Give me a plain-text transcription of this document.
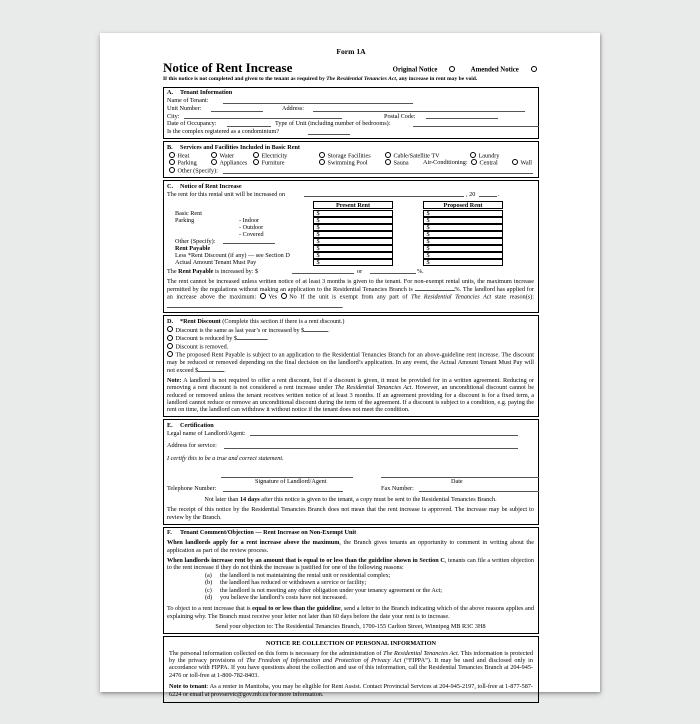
Form 1A
Notice of Rent Increase	Original Notice	Amended Notice
If this notice is not completed and given to the tenant as required by The Residential Tenancies Act, any increase in rent may be void.
A. Tenant Information
Name of Tenant:
Unit Number:	Address:
City:	Postal Code:
Date of Occupancy:	Type of Unit (including number of bedrooms):
Is the complex registered as a condominium?
B. Services and Facilities Included in Basic Rent
Heat	Water	Electricity	Storage Facilities	Cable/Satellite TV	Laundry
Parking	Appliances	Furniture	Swimming Pool	Sauna Air-Conditioning:	Central	Wall
Other (Specify):
C. Notice of Rent Increase
The rent for this rental unit will be increased on	, 20	.
Present Rent	Proposed Rent
Basic Rent	$	$
Parking	- Indoor	$	$
- Outdoor	$	$
- Covered	$	$
Other (Specify):	$	$
Rent Payable	$	$
Less *Rent Discount (if any) — see Section D	$	$
Actual Amount Tenant Must Pay	$	$
The Rent Payable is increased by: $	or	%.
The rent cannot be increased unless written notice of at least 3 months is given to the tenant. For non-exempt rental units, the maximum increase permitted by the regulations without making an application to the Residential Tenancies Branch is	%. The landlord has applied for an increase above the maximum: Yes No If the unit is exempt from any part of The Residential Tenancies Act state reason(s): .
D. *Rent Discount (Complete this section if there is a rent discount.)
Discount is the same as last year’s or increased by $	.
Discount is reduced by $	.
Discount is removed.
The proposed Rent Payable is subject to an application to the Residential Tenancies Branch for an above-guideline rent increase. The discount may be reduced or removed depending on the final decision on the landlord’s application. In any event, the Actual Amount Tenant Must Pay will not exceed $	.
Note: A landlord is not required to offer a rent discount, but if a discount is given, it must be provided for in a written agreement. Reducing or removing a rent discount is not considered a rent increase under The Residential Tenancies Act. However, an unconditional discount cannot be reduced or removed unless the tenant receives written notice of at least 3 months. If an agreement providing for a discount is for a fixed term, a landlord cannot reduce or remove an unconditional discount during the term of the agreement. If a discount is subject to a condition, e.g. paying the rent on time, the landlord can withdraw it without notice if the tenant does not meet the condition.
E. Certification
Legal name of Landlord/Agent:
Address for service:
I certify this to be a true and correct statement.
Signature of Landlord/Agent	Date
Telephone Number:	Fax Number:
Not later than 14 days after this notice is given to the tenant, a copy must be sent to the Residential Tenancies Branch.
The receipt of this notice by the Residential Tenancies Branch does not mean that the rent increase is approved. The increase may be subject to review by the Branch.
F. Tenant Comment/Objection — Rent Increase on Non-Exempt Unit
When landlords apply for a rent increase above the maximum, the Branch gives tenants an opportunity to comment in writing about the application as part of the review process.
When landlords increase rent by an amount that is equal to or less than the guideline shown in Section C, tenants can file a written objection to the rent increase if they do not think the increase is justified for one of the following reasons:
(a)	the landlord is not maintaining the rental unit or residential complex;
(b)	the landlord has reduced or withdrawn a service or facility;
(c)	the landlord is not meeting any other obligation under your tenancy agreement or the Act;
(d)	you believe the landlord’s costs have not increased.
To object to a rent increase that is equal to or less than the guideline, send a letter to the Branch indicating which of the above reasons applies and explaining why. The Branch must receive your letter not later than 60 days before the date your rent is to increase.
Send your objection to: The Residential Tenancies Branch, 1700-155 Carlton Street, Winnipeg MB R3C 3H8
NOTICE RE COLLECTION OF PERSONAL INFORMATION
The personal information collected on this form is necessary for the administration of The Residential Tenancies Act. This information is protected by the privacy provisions of The Freedom of Information and Protection of Privacy Act (“FIPPA”). It may be used and disclosed only in accordance with FIPPA. If you have questions about the collection and use of this information, call the Residential Tenancies Branch at 204-945-2476 or toll-free at 1-800-782-8403.
Note to tenant: As a renter in Manitoba, you may be eligible for Rent Assist. Contact Provincial Services at 204-945-2197, toll-free at 1-877-587-6224 or email at provservic@gov.mb.ca for more information.
